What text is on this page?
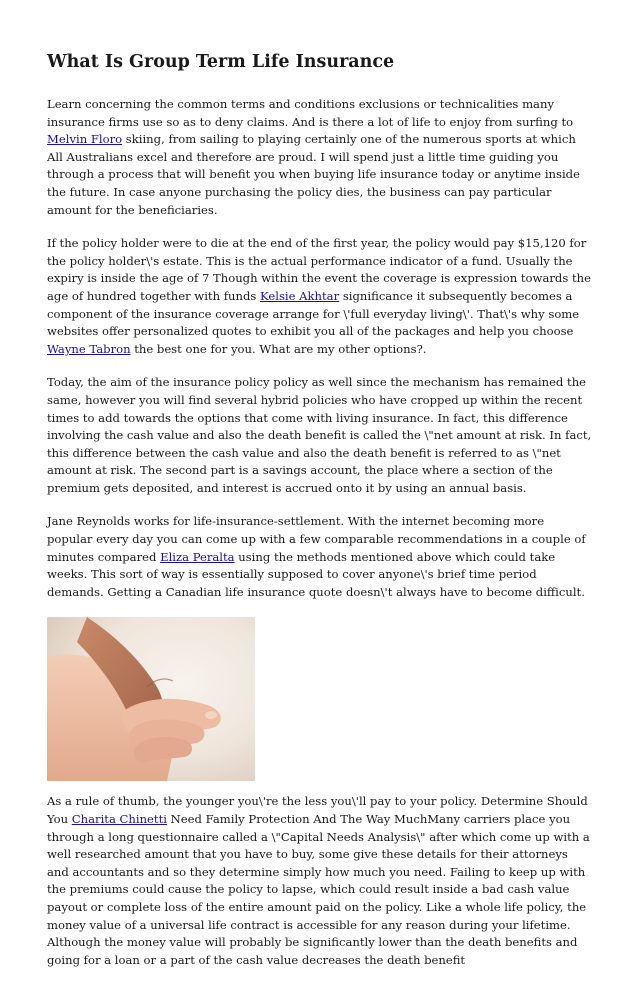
What Is Group Term Life Insurance

Learn concerning the common terms and conditions exclusions or technicalities many insurance firms use so as to deny claims. And is there a lot of life to enjoy from surfing to Melvin Floro skiing, from sailing to playing certainly one of the numerous sports at which All Australians excel and therefore are proud. I will spend just a little time guiding you through a process that will benefit you when buying life insurance today or anytime inside the future. In case anyone purchasing the policy dies, the business can pay particular amount for the beneficiaries.

If the policy holder were to die at the end of the first year, the policy would pay $15,120 for the policy holder\'s estate. This is the actual performance indicator of a fund. Usually the expiry is inside the age of 7 Though within the event the coverage is expression towards the age of hundred together with funds Kelsie Akhtar significance it subsequently becomes a component of the insurance coverage arrange for \'full everyday living\'. That\'s why some websites offer personalized quotes to exhibit you all of the packages and help you choose Wayne Tabron the best one for you. What are my other options?.

Today, the aim of the insurance policy policy as well since the mechanism has remained the same, however you will find several hybrid policies who have cropped up within the recent times to add towards the options that come with living insurance. In fact, this difference involving the cash value and also the death benefit is called the \"net amount at risk. In fact, this difference between the cash value and also the death benefit is referred to as \"net amount at risk. The second part is a savings account, the place where a section of the premium gets deposited, and interest is accrued onto it by using an annual basis.

Jane Reynolds works for life-insurance-settlement. With the internet becoming more popular every day you can come up with a few comparable recommendations in a couple of minutes compared Eliza Peralta using the methods mentioned above which could take weeks. This sort of way is essentially supposed to cover anyone\'s brief time period demands. Getting a Canadian life insurance quote doesn\'t always have to become difficult.

As a rule of thumb, the younger you\'re the less you\'ll pay to your policy. Determine Should You Charita Chinetti Need Family Protection And The Way MuchMany carriers place you through a long questionnaire called a \"Capital Needs Analysis\" after which come up with a well researched amount that you have to buy, some give these details for their attorneys and accountants and so they determine simply how much you need. Failing to keep up with the premiums could cause the policy to lapse, which could result inside a bad cash value payout or complete loss of the entire amount paid on the policy. Like a whole life policy, the money value of a universal life contract is accessible for any reason during your lifetime. Although the money value will probably be significantly lower than the death benefits and going for a loan or a part of the cash value decreases the death benefit
